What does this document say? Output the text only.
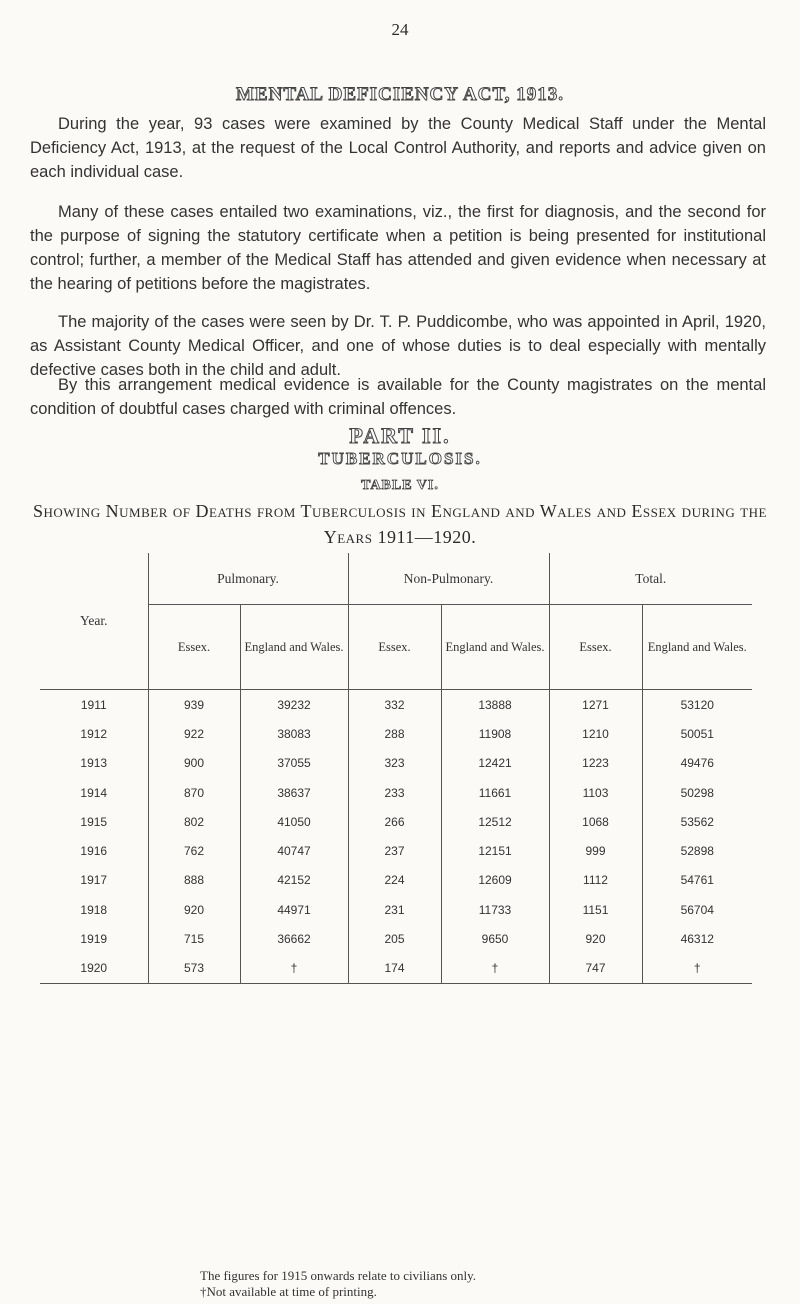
24
MENTAL DEFICIENCY ACT, 1913.

During the year, 93 cases were examined by the County Medical Staff under the Mental Deficiency Act, 1913, at the request of the Local Control Authority, and reports and advice given on each individual case.

Many of these cases entailed two examinations, viz., the first for diagnosis, and the second for the purpose of signing the statutory certificate when a petition is being presented for institutional control; further, a member of the Medical Staff has attended and given evidence when necessary at the hearing of petitions before the magistrates.

The majority of the cases were seen by Dr. T. P. Puddicombe, who was appointed in April, 1920, as Assistant County Medical Officer, and one of whose duties is to deal especially with mentally defective cases both in the child and adult.

By this arrangement medical evidence is available for the County magistrates on the mental condition of doubtful cases charged with criminal offences.

PART II.
TUBERCULOSIS.
TABLE VI.
Showing Number of Deaths from Tuberculosis in England and Wales and Essex during the Years 1911—1920.
Year.	Pulmonary.		Non-Pulmonary.		Total.	
	Essex.	England and Wales.	Essex.	England and Wales.	Essex.	England and Wales.
1911	939	39232	332	13888	1271	53120
1912	922	38083	288	11908	1210	50051
1913	900	37055	323	12421	1223	49476
1914	870	38637	233	11661	1103	50298
1915	802	41050	266	12512	1068	53562
1916	762	40747	237	12151	999	52898
1917	888	42152	224	12609	1112	54761
1918	920	44971	231	11733	1151	56704
1919	715	36662	205	9650	920	46312
1920	573	†	174	†	747	†

The figures for 1915 onwards relate to civilians only.

†Not available at time of printing.
